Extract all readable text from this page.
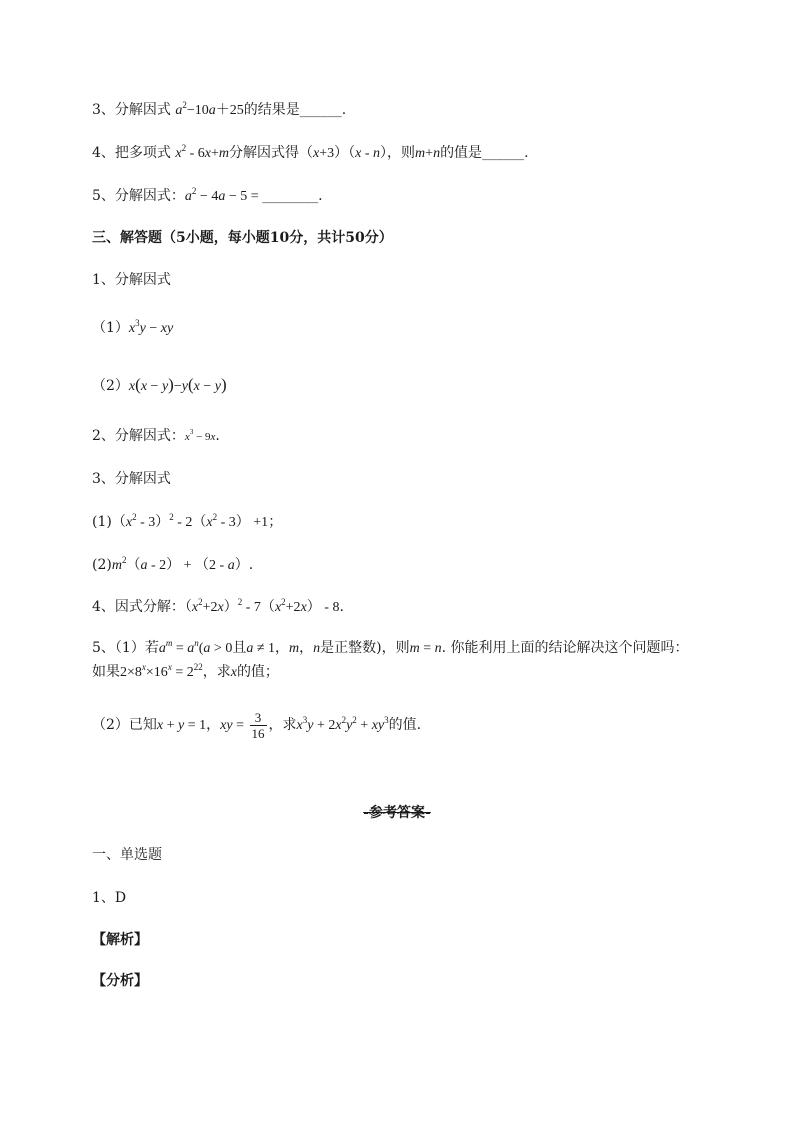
3、分解因式 $a^2-10a+25$的结果是______.
4、把多项式 $x^2 - 6x+m$分解因式得（x+3）（x - n），则m+n的值是______.
5、分解因式：$a^2 - 4a - 5$ = ________.
三、解答题（5小题，每小题10分，共计50分）
1、分解因式
$(1)x^3y$ − xy
（2）x(x − y)−y(x − y)
2、分解因式：$x^3 - 9x$.
3、分解因式
$(1)(x^2 - 3)^2 - 2(x^2 - 3) +1$；
$(2)m^2(a - 2) + (2 - a)$.
4、因式分解：$(x^2+2x)^2 - 7(x^2+2x) - 8$.
5、（1）若$a^m = a^n(a > 0$且a ≠ 1，m，n是正整数)，则m = n. 你能利用上面的结论解决这个问题吗：
如果$2\times 8^x\times 16^x = 2^{22}$，求x的值；
（2）已知x + y = 1，xy = $\frac{3}{16}$ ，求$x^3y + 2x^2y^2 + xy^3$的值.
-参考答案-
一、单选题
1、D
【解析】
【分析】
